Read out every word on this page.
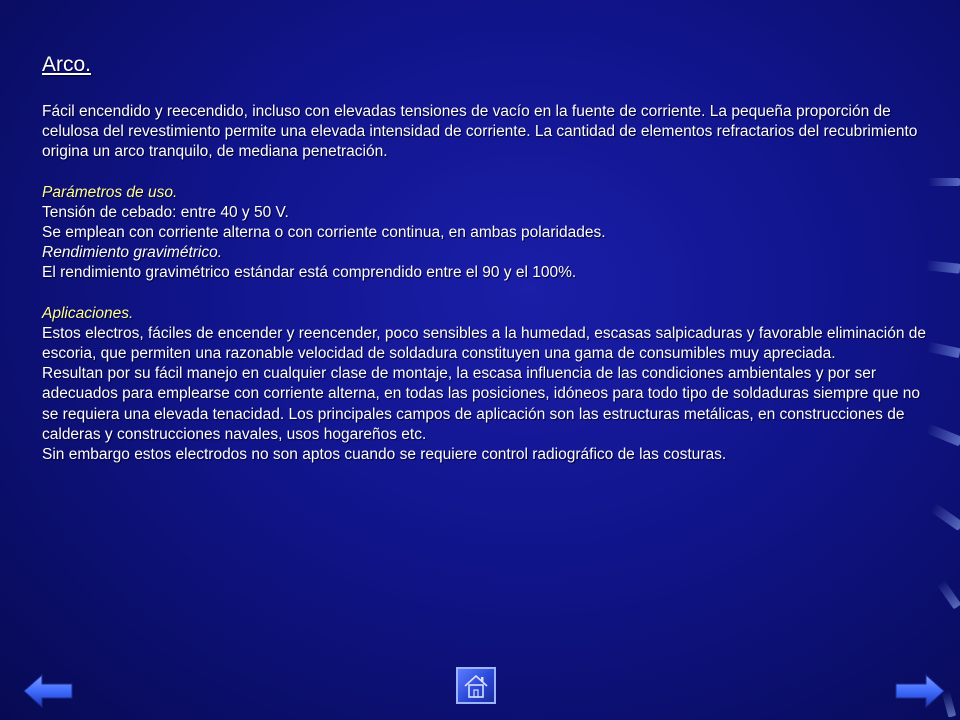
Arco.

Fácil encendido y reecendido, incluso con elevadas tensiones de vacío en la fuente de corriente. La pequeña proporción de celulosa del revestimiento permite una elevada intensidad de corriente. La cantidad de elementos refractarios del recubrimiento origina un arco tranquilo, de mediana penetración.

Parámetros de uso.
Tensión de cebado: entre 40 y 50 V.
Se emplean con corriente alterna o con corriente continua, en ambas polaridades.
Rendimiento gravimétrico.
El rendimiento gravimétrico estándar está comprendido entre el 90 y el 100%.
Aplicaciones.

Estos electros, fáciles de encender y reencender, poco sensibles a la humedad, escasas salpicaduras y favorable eliminación de escoria, que permiten una razonable velocidad de soldadura constituyen una gama de consumibles muy apreciada.

Resultan por su fácil manejo en cualquier clase de montaje, la escasa influencia de las condiciones ambientales y por ser adecuados para emplearse con corriente alterna, en todas las posiciones, idóneos para todo tipo de soldaduras siempre que no se requiera una elevada tenacidad. Los principales campos de aplicación son las estructuras metálicas, en construcciones de calderas y construcciones navales, usos hogareños etc.

Sin embargo estos electrodos no son aptos cuando se requiere control radiográfico de las costuras.
